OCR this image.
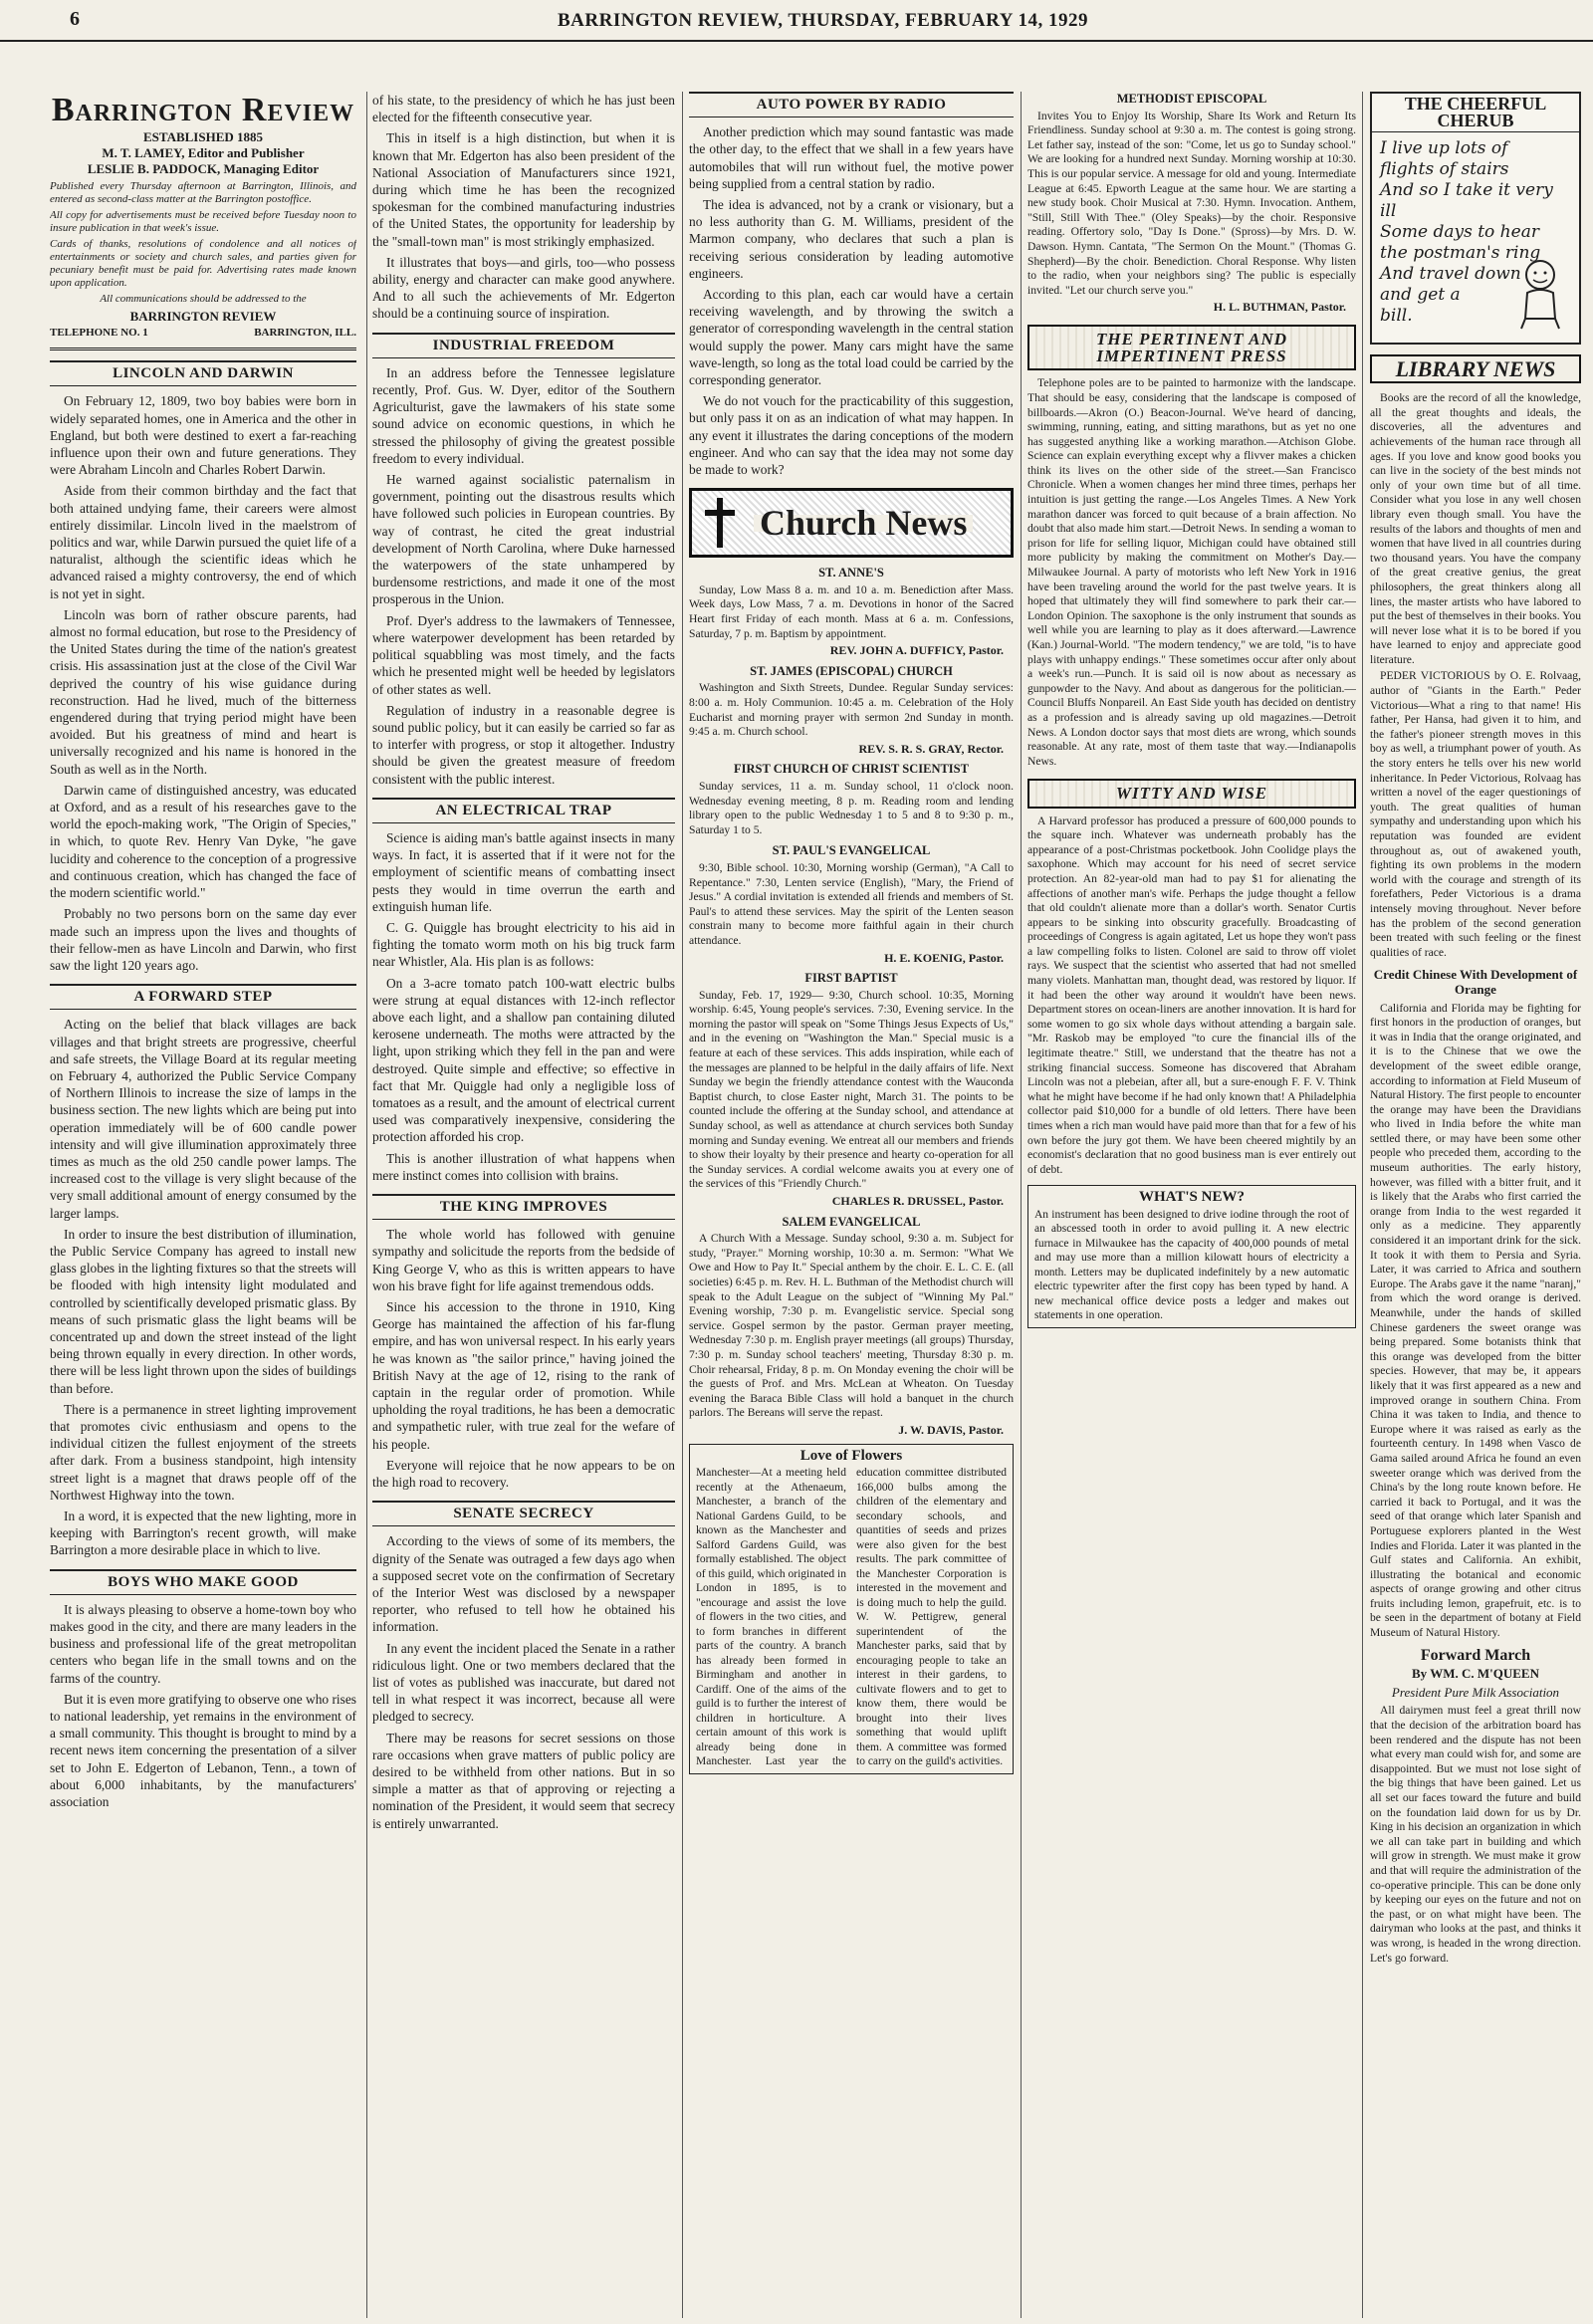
6	BARRINGTON REVIEW, THURSDAY, FEBRUARY 14, 1929
Barrington Review
ESTABLISHED 1885
M. T. LAMEY, Editor and Publisher
LESLIE B. PADDOCK, Managing Editor
Published every Thursday afternoon at Barrington, Illinois, and entered as second-class matter at the Barrington postoffice.
All copy for advertisements must be received before Tuesday noon to insure publication in that week's issue.
Cards of thanks, resolutions of condolence and all notices of entertainments or society and church sales, and parties given for pecuniary benefit must be paid for. Advertising rates made known upon application.
All communications should be addressed to the
BARRINGTON REVIEW
TELEPHONE NO. 1	BARRINGTON, ILL.
LINCOLN AND DARWIN

On February 12, 1809, two boy babies were born in widely separated homes, one in America and the other in England, but both were destined to exert a far-reaching influence upon their own and future generations. They were Abraham Lincoln and Charles Robert Darwin.

Aside from their common birthday and the fact that both attained undying fame, their careers were almost entirely dissimilar. Lincoln lived in the maelstrom of politics and war, while Darwin pursued the quiet life of a naturalist, although the scientific ideas which he advanced raised a mighty controversy, the end of which is not yet in sight.

Lincoln was born of rather obscure parents, had almost no formal education, but rose to the Presidency of the United States during the time of the nation's greatest crisis. His assassination just at the close of the Civil War deprived the country of his wise guidance during reconstruction. Had he lived, much of the bitterness engendered during that trying period might have been avoided. But his greatness of mind and heart is universally recognized and his name is honored in the South as well as in the North.

Darwin came of distinguished ancestry, was educated at Oxford, and as a result of his researches gave to the world the epoch-making work, "The Origin of Species," in which, to quote Rev. Henry Van Dyke, "he gave lucidity and coherence to the conception of a progressive and continuous creation, which has changed the face of the modern scientific world."

Probably no two persons born on the same day ever made such an impress upon the lives and thoughts of their fellow-men as have Lincoln and Darwin, who first saw the light 120 years ago.

A FORWARD STEP

Acting on the belief that black villages are back villages and that bright streets are progressive, cheerful and safe streets, the Village Board at its regular meeting on February 4, authorized the Public Service Company of Northern Illinois to increase the size of lamps in the business section. The new lights which are being put into operation immediately will be of 600 candle power intensity and will give illumination approximately three times as much as the old 250 candle power lamps. The increased cost to the village is very slight because of the very small additional amount of energy consumed by the larger lamps.

In order to insure the best distribution of illumination, the Public Service Company has agreed to install new glass globes in the lighting fixtures so that the streets will be flooded with high intensity light modulated and controlled by scientifically developed prismatic glass. By means of such prismatic glass the light beams will be concentrated up and down the street instead of the light being thrown equally in every direction. In other words, there will be less light thrown upon the sides of buildings than before.

There is a permanence in street lighting improvement that promotes civic enthusiasm and opens to the individual citizen the fullest enjoyment of the streets after dark. From a business standpoint, high intensity street light is a magnet that draws people off of the Northwest Highway into the town.

In a word, it is expected that the new lighting, more in keeping with Barrington's recent growth, will make Barrington a more desirable place in which to live.

BOYS WHO MAKE GOOD

It is always pleasing to observe a home-town boy who makes good in the city, and there are many leaders in the business and professional life of the great metropolitan centers who began life in the small towns and on the farms of the country.

But it is even more gratifying to observe one who rises to national leadership, yet remains in the environment of a small community. This thought is brought to mind by a recent news item concerning the presentation of a silver set to John E. Edgerton of Lebanon, Tenn., a town of about 6,000 inhabitants, by the manufacturers' association

of his state, to the presidency of which he has just been elected for the fifteenth consecutive year.

This in itself is a high distinction, but when it is known that Mr. Edgerton has also been president of the National Association of Manufacturers since 1921, during which time he has been the recognized spokesman for the combined manufacturing industries of the United States, the opportunity for leadership by the "small-town man" is most strikingly emphasized.

It illustrates that boys—and girls, too—who possess ability, energy and character can make good anywhere. And to all such the achievements of Mr. Edgerton should be a continuing source of inspiration.

INDUSTRIAL FREEDOM

In an address before the Tennessee legislature recently, Prof. Gus. W. Dyer, editor of the Southern Agriculturist, gave the lawmakers of his state some sound advice on economic questions, in which he stressed the philosophy of giving the greatest possible freedom to every individual.

He warned against socialistic paternalism in government, pointing out the disastrous results which have followed such policies in European countries. By way of contrast, he cited the great industrial development of North Carolina, where Duke harnessed the waterpowers of the state unhampered by burdensome restrictions, and made it one of the most prosperous in the Union.

Prof. Dyer's address to the lawmakers of Tennessee, where waterpower development has been retarded by political squabbling was most timely, and the facts which he presented might well be heeded by legislators of other states as well.

Regulation of industry in a reasonable degree is sound public policy, but it can easily be carried so far as to interfer with progress, or stop it altogether. Industry should be given the greatest measure of freedom consistent with the public interest.

AN ELECTRICAL TRAP

Science is aiding man's battle against insects in many ways. In fact, it is asserted that if it were not for the employment of scientific means of combatting insect pests they would in time overrun the earth and extinguish human life.

C. G. Quiggle has brought electricity to his aid in fighting the tomato worm moth on his big truck farm near Whistler, Ala. His plan is as follows:

On a 3-acre tomato patch 100-watt electric bulbs were strung at equal distances with 12-inch reflector above each light, and a shallow pan containing diluted kerosene underneath. The moths were attracted by the light, upon striking which they fell in the pan and were destroyed. Quite simple and effective; so effective in fact that Mr. Quiggle had only a negligible loss of tomatoes as a result, and the amount of electrical current used was comparatively inexpensive, considering the protection afforded his crop.

This is another illustration of what happens when mere instinct comes into collision with brains.

THE KING IMPROVES

The whole world has followed with genuine sympathy and solicitude the reports from the bedside of King George V, who as this is written appears to have won his brave fight for life against tremendous odds.

Since his accession to the throne in 1910, King George has maintained the affection of his far-flung empire, and has won universal respect. In his early years he was known as "the sailor prince," having joined the British Navy at the age of 12, rising to the rank of captain in the regular order of promotion. While upholding the royal traditions, he has been a democratic and sympathetic ruler, with true zeal for the wefare of his people.

Everyone will rejoice that he now appears to be on the high road to recovery.

SENATE SECRECY

According to the views of some of its members, the dignity of the Senate was outraged a few days ago when a supposed secret vote on the confirmation of Secretary of the Interior West was disclosed by a newspaper reporter, who refused to tell how he obtained his information.

In any event the incident placed the Senate in a rather ridiculous light. One or two members declared that the list of votes as published was inaccurate, but dared not tell in what respect it was incorrect, because all were pledged to secrecy.

There may be reasons for secret sessions on those rare occasions when grave matters of public policy are desired to be withheld from other nations. But in so simple a matter as that of approving or rejecting a nomination of the President, it would seem that secrecy is entirely unwarranted.

AUTO POWER BY RADIO

Another prediction which may sound fantastic was made the other day, to the effect that we shall in a few years have automobiles that will run without fuel, the motive power being supplied from a central station by radio.

The idea is advanced, not by a crank or visionary, but a no less authority than G. M. Williams, president of the Marmon company, who declares that such a plan is receiving serious consideration by leading automotive engineers.

According to this plan, each car would have a certain receiving wavelength, and by throwing the switch a generator of corresponding wavelength in the central station would supply the power. Many cars might have the same wave-length, so long as the total load could be carried by the corresponding generator.

We do not vouch for the practicability of this suggestion, but only pass it on as an indication of what may happen. In any event it illustrates the daring conceptions of the modern engineer. And who can say that the idea may not some day be made to work?

Church News
ST. ANNE'S

Sunday, Low Mass 8 a. m. and 10 a. m. Benediction after Mass. Week days, Low Mass, 7 a. m. Devotions in honor of the Sacred Heart first Friday of each month. Mass at 6 a. m. Confessions, Saturday, 7 p. m. Baptism by appointment.

REV. JOHN A. DUFFICY, Pastor.
ST. JAMES (EPISCOPAL) CHURCH

Washington and Sixth Streets, Dundee. Regular Sunday services: 8:00 a. m. Holy Communion. 10:45 a. m. Celebration of the Holy Eucharist and morning prayer with sermon 2nd Sunday in month. 9:45 a. m. Church school.

REV. S. R. S. GRAY, Rector.
FIRST CHURCH OF CHRIST SCIENTIST

Sunday services, 11 a. m. Sunday school, 11 o'clock noon. Wednesday evening meeting, 8 p. m. Reading room and lending library open to the public Wednesday 1 to 5 and 8 to 9:30 p. m., Saturday 1 to 5.

ST. PAUL'S EVANGELICAL

9:30, Bible school. 10:30, Morning worship (German), "A Call to Repentance." 7:30, Lenten service (English), "Mary, the Friend of Jesus." A cordial invitation is extended all friends and members of St. Paul's to attend these services. May the spirit of the Lenten season constrain many to become more faithful again in their church attendance.

H. E. KOENIG, Pastor.
FIRST BAPTIST

Sunday, Feb. 17, 1929— 9:30, Church school. 10:35, Morning worship. 6:45, Young people's services. 7:30, Evening service. In the morning the pastor will speak on "Some Things Jesus Expects of Us," and in the evening on "Washington the Man." Special music is a feature at each of these services. This adds inspiration, while each of the messages are planned to be helpful in the daily affairs of life. Next Sunday we begin the friendly attendance contest with the Wauconda Baptist church, to close Easter night, March 31. The points to be counted include the offering at the Sunday school, and attendance at Sunday school, as well as attendance at church services both Sunday morning and Sunday evening. We entreat all our members and friends to show their loyalty by their presence and hearty co-operation for all the Sunday services. A cordial welcome awaits you at every one of the services of this "Friendly Church."

CHARLES R. DRUSSEL, Pastor.
SALEM EVANGELICAL

A Church With a Message. Sunday school, 9:30 a. m. Subject for study, "Prayer." Morning worship, 10:30 a. m. Sermon: "What We Owe and How to Pay It." Special anthem by the choir. E. L. C. E. (all societies) 6:45 p. m. Rev. H. L. Buthman of the Methodist church will speak to the Adult League on the subject of "Winning My Pal." Evening worship, 7:30 p. m. Evangelistic service. Special song service. Gospel sermon by the pastor. German prayer meeting, Wednesday 7:30 p. m. English prayer meetings (all groups) Thursday, 7:30 p. m. Sunday school teachers' meeting, Thursday 8:30 p. m. Choir rehearsal, Friday, 8 p. m. On Monday evening the choir will be the guests of Prof. and Mrs. McLean at Wheaton. On Tuesday evening the Baraca Bible Class will hold a banquet in the church parlors. The Bereans will serve the repast.

J. W. DAVIS, Pastor.
Love of Flowers
Manchester—At a meeting held recently at the Athenaeum, Manchester, a branch of the National Gardens Guild, to be known as the Manchester and Salford Gardens Guild, was formally established. The object of this guild, which originated in London in 1895, is to "encourage and assist the love of flowers in the two cities, and to form branches in different parts of the country. A branch has already been formed in Birmingham and another in Cardiff. One of the aims of the guild is to further the interest of children in horticulture. A certain amount of this work is already being done in Manchester. Last year the education committee distributed 166,000 bulbs among the children of the elementary and secondary schools, and quantities of seeds and prizes were also given for the best results. The park committee of the Manchester Corporation is interested in the movement and is doing much to help the guild. W. W. Pettigrew, general superintendent of the Manchester parks, said that by encouraging people to take an interest in their gardens, to cultivate flowers and to get to know them, there would be brought into their lives something that would uplift them. A committee was formed to carry on the guild's activities.
METHODIST EPISCOPAL

Invites You to Enjoy Its Worship, Share Its Work and Return Its Friendliness. Sunday school at 9:30 a. m. The contest is going strong. Let father say, instead of the son: "Come, let us go to Sunday school." We are looking for a hundred next Sunday. Morning worship at 10:30. This is our popular service. A message for old and young. Intermediate League at 6:45. Epworth League at the same hour. We are starting a new study book. Choir Musical at 7:30. Hymn. Invocation. Anthem, "Still, Still With Thee." (Oley Speaks)—by the choir. Responsive reading. Offertory solo, "Day Is Done." (Spross)—by Mrs. D. W. Dawson. Hymn. Cantata, "The Sermon On the Mount." (Thomas G. Shepherd)—By the choir. Benediction. Choral Response. Why listen to the radio, when your neighbors sing? The public is especially invited. "Let our church serve you."

H. L. BUTHMAN, Pastor.
THE PERTINENT AND IMPERTINENT PRESS

Telephone poles are to be painted to harmonize with the landscape. That should be easy, considering that the landscape is composed of billboards.—Akron (O.) Beacon-Journal. We've heard of dancing, swimming, running, eating, and sitting marathons, but as yet no one has suggested anything like a working marathon.—Atchison Globe. Science can explain everything except why a flivver makes a chicken think its lives on the other side of the street.—San Francisco Chronicle. When a women changes her mind three times, perhaps her intuition is just getting the range.—Los Angeles Times. A New York marathon dancer was forced to quit because of a brain affection. No doubt that also made him start.—Detroit News. In sending a woman to prison for life for selling liquor, Michigan could have obtained still more publicity by making the commitment on Mother's Day.—Milwaukee Journal. A party of motorists who left New York in 1916 have been traveling around the world for the past twelve years. It is hoped that ultimately they will find somewhere to park their car.—London Opinion. The saxophone is the only instrument that sounds as well while you are learning to play as it does afterward.—Lawrence (Kan.) Journal-World. "The modern tendency," we are told, "is to have plays with unhappy endings." These sometimes occur after only about a week's run.—Punch. It is said oil is now about as necessary as gunpowder to the Navy. And about as dangerous for the politician.—Council Bluffs Nonpareil. An East Side youth has decided on dentistry as a profession and is already saving up old magazines.—Detroit News. A London doctor says that most diets are wrong, which sounds reasonable. At any rate, most of them taste that way.—Indianapolis News.

WITTY AND WISE

A Harvard professor has produced a pressure of 600,000 pounds to the square inch. Whatever was underneath probably has the appearance of a post-Christmas pocketbook. John Coolidge plays the saxophone. Which may account for his need of secret service protection. An 82-year-old man had to pay $1 for alienating the affections of another man's wife. Perhaps the judge thought a fellow that old couldn't alienate more than a dollar's worth. Senator Curtis appears to be sinking into obscurity gracefully. Broadcasting of proceedings of Congress is again agitated, Let us hope they won't pass a law compelling folks to listen. Colonel are said to throw off violet rays. We suspect that the scientist who asserted that had not smelled many violets. Manhattan man, thought dead, was restored by liquor. If it had been the other way around it wouldn't have been news. Department stores on ocean-liners are another innovation. It is hard for some women to go six whole days without attending a bargain sale. "Mr. Raskob may be employed "to cure the financial ills of the legitimate theatre." Still, we understand that the theatre has not a striking financial success. Someone has discovered that Abraham Lincoln was not a plebeian, after all, but a sure-enough F. F. V. Think what he might have become if he had only known that! A Philadelphia collector paid $10,000 for a bundle of old letters. There have been times when a rich man would have paid more than that for a few of his own before the jury got them. We have been cheered mightily by an economist's declaration that no good business man is ever entirely out of debt.

WHAT'S NEW?
An instrument has been designed to drive iodine through the root of an abscessed tooth in order to avoid pulling it. A new electric furnace in Milwaukee has the capacity of 400,000 pounds of metal and may use more than a million kilowatt hours of electricity a month. Letters may be duplicated indefinitely by a new automatic electric typewriter after the first copy has been typed by hand. A new mechanical office device posts a ledger and makes out statements in one operation.
THE CHEERFUL CHERUB
I live up lots of
flights of stairs
And so I take it very
ill
Some days to hear
the postman's ring
And travel down
and get a
bill.
LIBRARY NEWS

Books are the record of all the knowledge, all the great thoughts and ideals, the discoveries, all the adventures and achievements of the human race through all ages. If you love and know good books you can live in the society of the best minds not only of your own time but of all time. Consider what you lose in any well chosen library even though small. You have the results of the labors and thoughts of men and women that have lived in all countries during two thousand years. You have the company of the great creative genius, the great philosophers, the great thinkers along all lines, the master artists who have labored to put the best of themselves in their books. You will never lose what it is to be bored if you have learned to enjoy and appreciate good literature.

PEDER VICTORIOUS by O. E. Rolvaag, author of "Giants in the Earth." Peder Victorious—What a ring to that name! His father, Per Hansa, had given it to him, and the father's pioneer strength moves in this boy as well, a triumphant power of youth. As the story enters he tells over his new world inheritance. In Peder Victorious, Rolvaag has written a novel of the eager questionings of youth. The great qualities of human sympathy and understanding upon which his reputation was founded are evident throughout as, out of awakened youth, fighting its own problems in the modern world with the courage and strength of its forefathers, Peder Victorious is a drama intensely moving throughout. Never before has the problem of the second generation been treated with such feeling or the finest qualities of race.

Credit Chinese With Development of Orange

California and Florida may be fighting for first honors in the production of oranges, but it was in India that the orange originated, and it is to the Chinese that we owe the development of the sweet edible orange, according to information at Field Museum of Natural History. The first people to encounter the orange may have been the Dravidians who lived in India before the white man settled there, or may have been some other people who preceded them, according to the museum authorities. The early history, however, was filled with a bitter fruit, and it is likely that the Arabs who first carried the orange from India to the west regarded it only as a medicine. They apparently considered it an important drink for the sick. It took it with them to Persia and Syria. Later, it was carried to Africa and southern Europe. The Arabs gave it the name "naranj," from which the word orange is derived. Meanwhile, under the hands of skilled Chinese gardeners the sweet orange was being prepared. Some botanists think that this orange was developed from the bitter species. However, that may be, it appears likely that it was first appeared as a new and improved orange in southern China. From China it was taken to India, and thence to Europe where it was raised as early as the fourteenth century. In 1498 when Vasco de Gama sailed around Africa he found an even sweeter orange which was derived from the China's by the long route known before. He carried it back to Portugal, and it was the seed of that orange which later Spanish and Portuguese explorers planted in the West Indies and Florida. Later it was planted in the Gulf states and California. An exhibit, illustrating the botanical and economic aspects of orange growing and other citrus fruits including lemon, grapefruit, etc. is to be seen in the department of botany at Field Museum of Natural History.

Forward March
By WM. C. M'QUEEN
President Pure Milk Association

All dairymen must feel a great thrill now that the decision of the arbitration board has been rendered and the dispute has not been what every man could wish for, and some are disappointed. But we must not lose sight of the big things that have been gained. Let us all set our faces toward the future and build on the foundation laid down for us by Dr. King in his decision an organization in which we all can take part in building and which will grow in strength. We must make it grow and that will require the administration of the co-operative principle. This can be done only by keeping our eyes on the future and not on the past, or on what might have been. The dairyman who looks at the past, and thinks it was wrong, is headed in the wrong direction. Let's go forward.
